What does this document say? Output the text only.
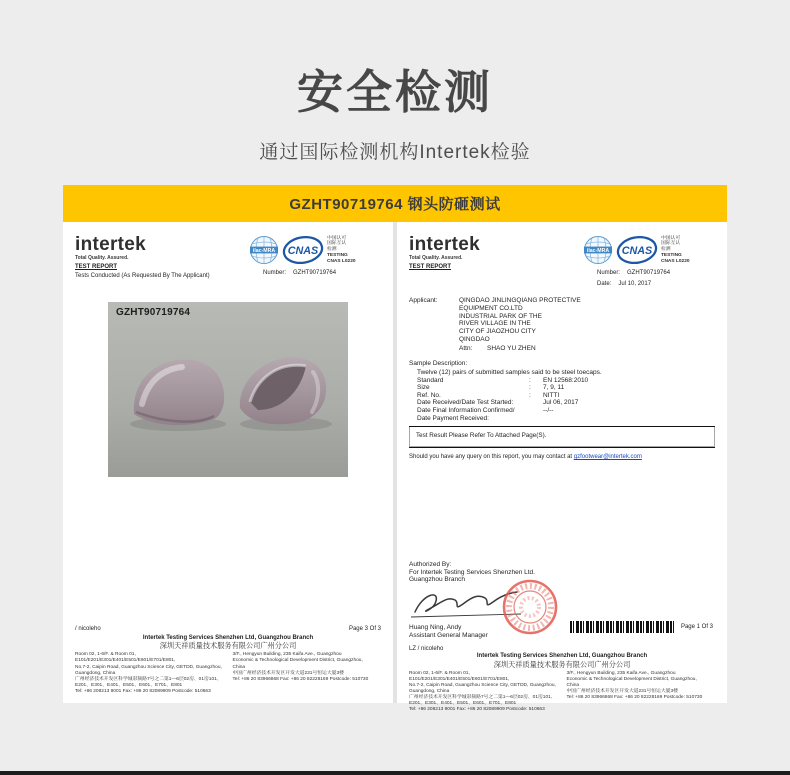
安全检测
通过国际检测机构Intertek检验
GZHT90719764 钢头防砸测试
intertek
Total Quality. Assured.
TEST REPORT
Tests Conducted (As Requested By The Applicant)
ilac-MRA CNAS
中国认可
国际互认
检测
TESTING
CNAS L0220
Number: GZHT90719764
GZHT90719764
/ nicoleho	Page 3 Of 3
Intertek Testing Services Shenzhen Ltd, Guangzhou Branch
深圳天祥质量技术服务有限公司广州分公司
Room 02, 1-6/F. & Room 01, E101/E201/E301/E401/E501/E601/E701/E801,
No.7-2, Caipin Road, Guangzhou Science City, GETDD, Guangzhou, Guangdong, China
广州经济技术开发区科学城彩频路7号之二第1—6层02房、01房101、
E201、E301、E401、E501、E601、E701、E801
Tel: +86 208213 9001 Fax: +86 20 82089909 Postcode: 510663
3/F., Hengyun Building, 235 Kaifa Ave., Guangzhou
Economic & Technological Development District, Guangzhou,
China
中国广州经济技术开发区开发大道231号恒运大厦3楼
Tel: +86 20 83966868 Fax: +86 20 82228169 Postcode: 510730
intertek
Total Quality. Assured.
TEST REPORT
ilac-MRA CNAS
中国认可
国际互认
检测
TESTING
CNAS L0220
Number: GZHT90719764
Date: Jul 10, 2017
Applicant:	QINGDAO JINLINGQIANG PROTECTIVE
EQUIPMENT CO.LTD
INDUSTRIAL PARK OF THE
RIVER VILLAGE IN THE
CITY OF JIAOZHOU CITY
QINGDAO
Attn:	SHAO YU ZHEN
Sample Description:
Twelve (12) pairs of submitted samples said to be steel toecaps.
Standard	:	EN 12568:2010
Size	:	7, 9, 11
Ref. No.	:	NITTI
Date Received/Date Test Started:	Jul 06, 2017
Date Final Information Confirmed/	--/--
Date Payment Received:
Test Result Please Refer To Attached Page(S).
Should you have any query on this report, you may contact at gzfootwear@intertek.com
Authorized By:
For Intertek Testing Services Shenzhen Ltd.
Guangzhou Branch
Huang Ning, Andy
Assistant General Manager
Page 1 Of 3
LZ / nicoleho
Intertek Testing Services Shenzhen Ltd, Guangzhou Branch
深圳天祥质量技术服务有限公司广州分公司
Room 02, 1-6/F. & Room 01, E101/E201/E301/E401/E501/E601/E701/E801,
No.7-2, Caipin Road, Guangzhou Science City, GETDD, Guangzhou, Guangdong, China
广州经济技术开发区科学城彩频路7号之二第1—6层02房、01房101、
E201、E301、E401、E501、E601、E701、E801
Tel: +86 208213 9001 Fax: +86 20 82089909 Postcode: 510663
3/F., Hengyun Building, 235 Kaifa Ave., Guangzhou
Economic & Technological Development District, Guangzhou,
China
中国广州经济技术开发区开发大道231号恒运大厦3楼
Tel: +86 20 83966868 Fax: +86 20 82228169 Postcode: 510730
